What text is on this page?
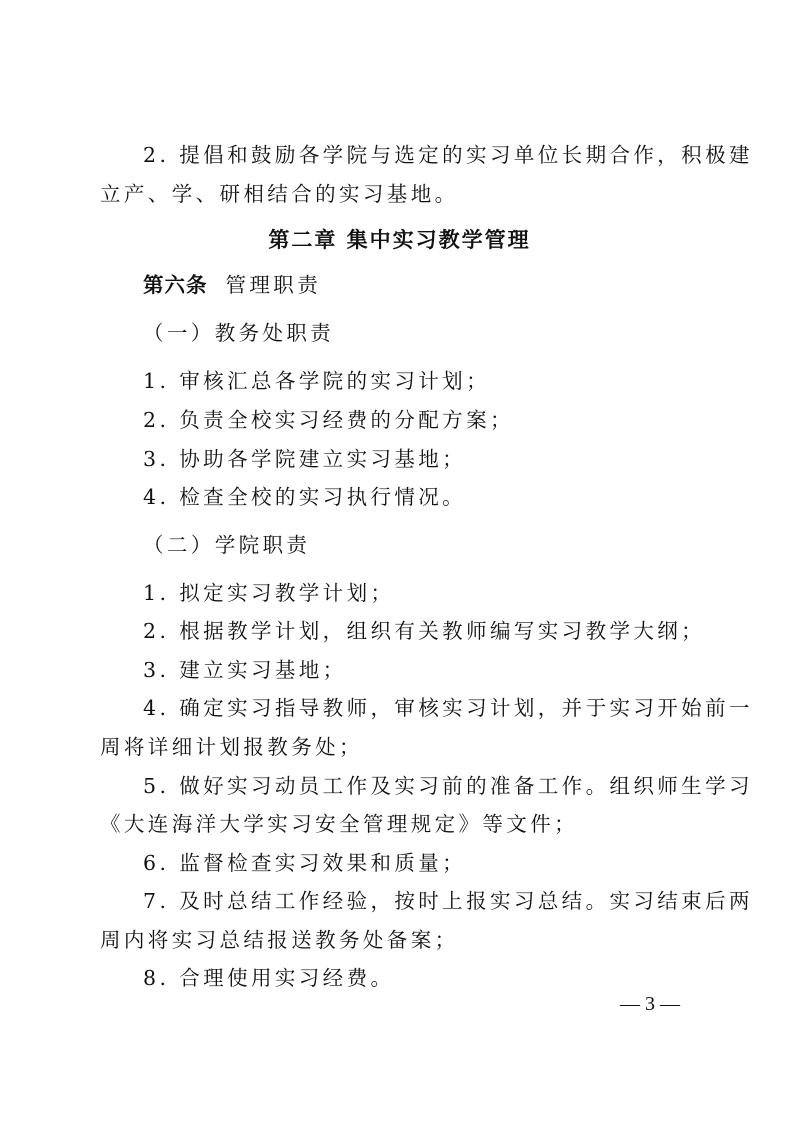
2. 提倡和鼓励各学院与选定的实习单位长期合作，积极建
立产、学、研相结合的实习基地。
第二章 集中实习教学管理
第六条 管理职责
（一）教务处职责
1. 审核汇总各学院的实习计划；
2. 负责全校实习经费的分配方案；
3. 协助各学院建立实习基地；
4. 检查全校的实习执行情况。
（二）学院职责
1. 拟定实习教学计划；
2. 根据教学计划，组织有关教师编写实习教学大纲；
3. 建立实习基地；
4. 确定实习指导教师，审核实习计划，并于实习开始前一
周将详细计划报教务处；
5. 做好实习动员工作及实习前的准备工作。组织师生学习
《大连海洋大学实习安全管理规定》等文件；
6. 监督检查实习效果和质量；
7. 及时总结工作经验，按时上报实习总结。实习结束后两
周内将实习总结报送教务处备案；
8. 合理使用实习经费。
— 3 —
